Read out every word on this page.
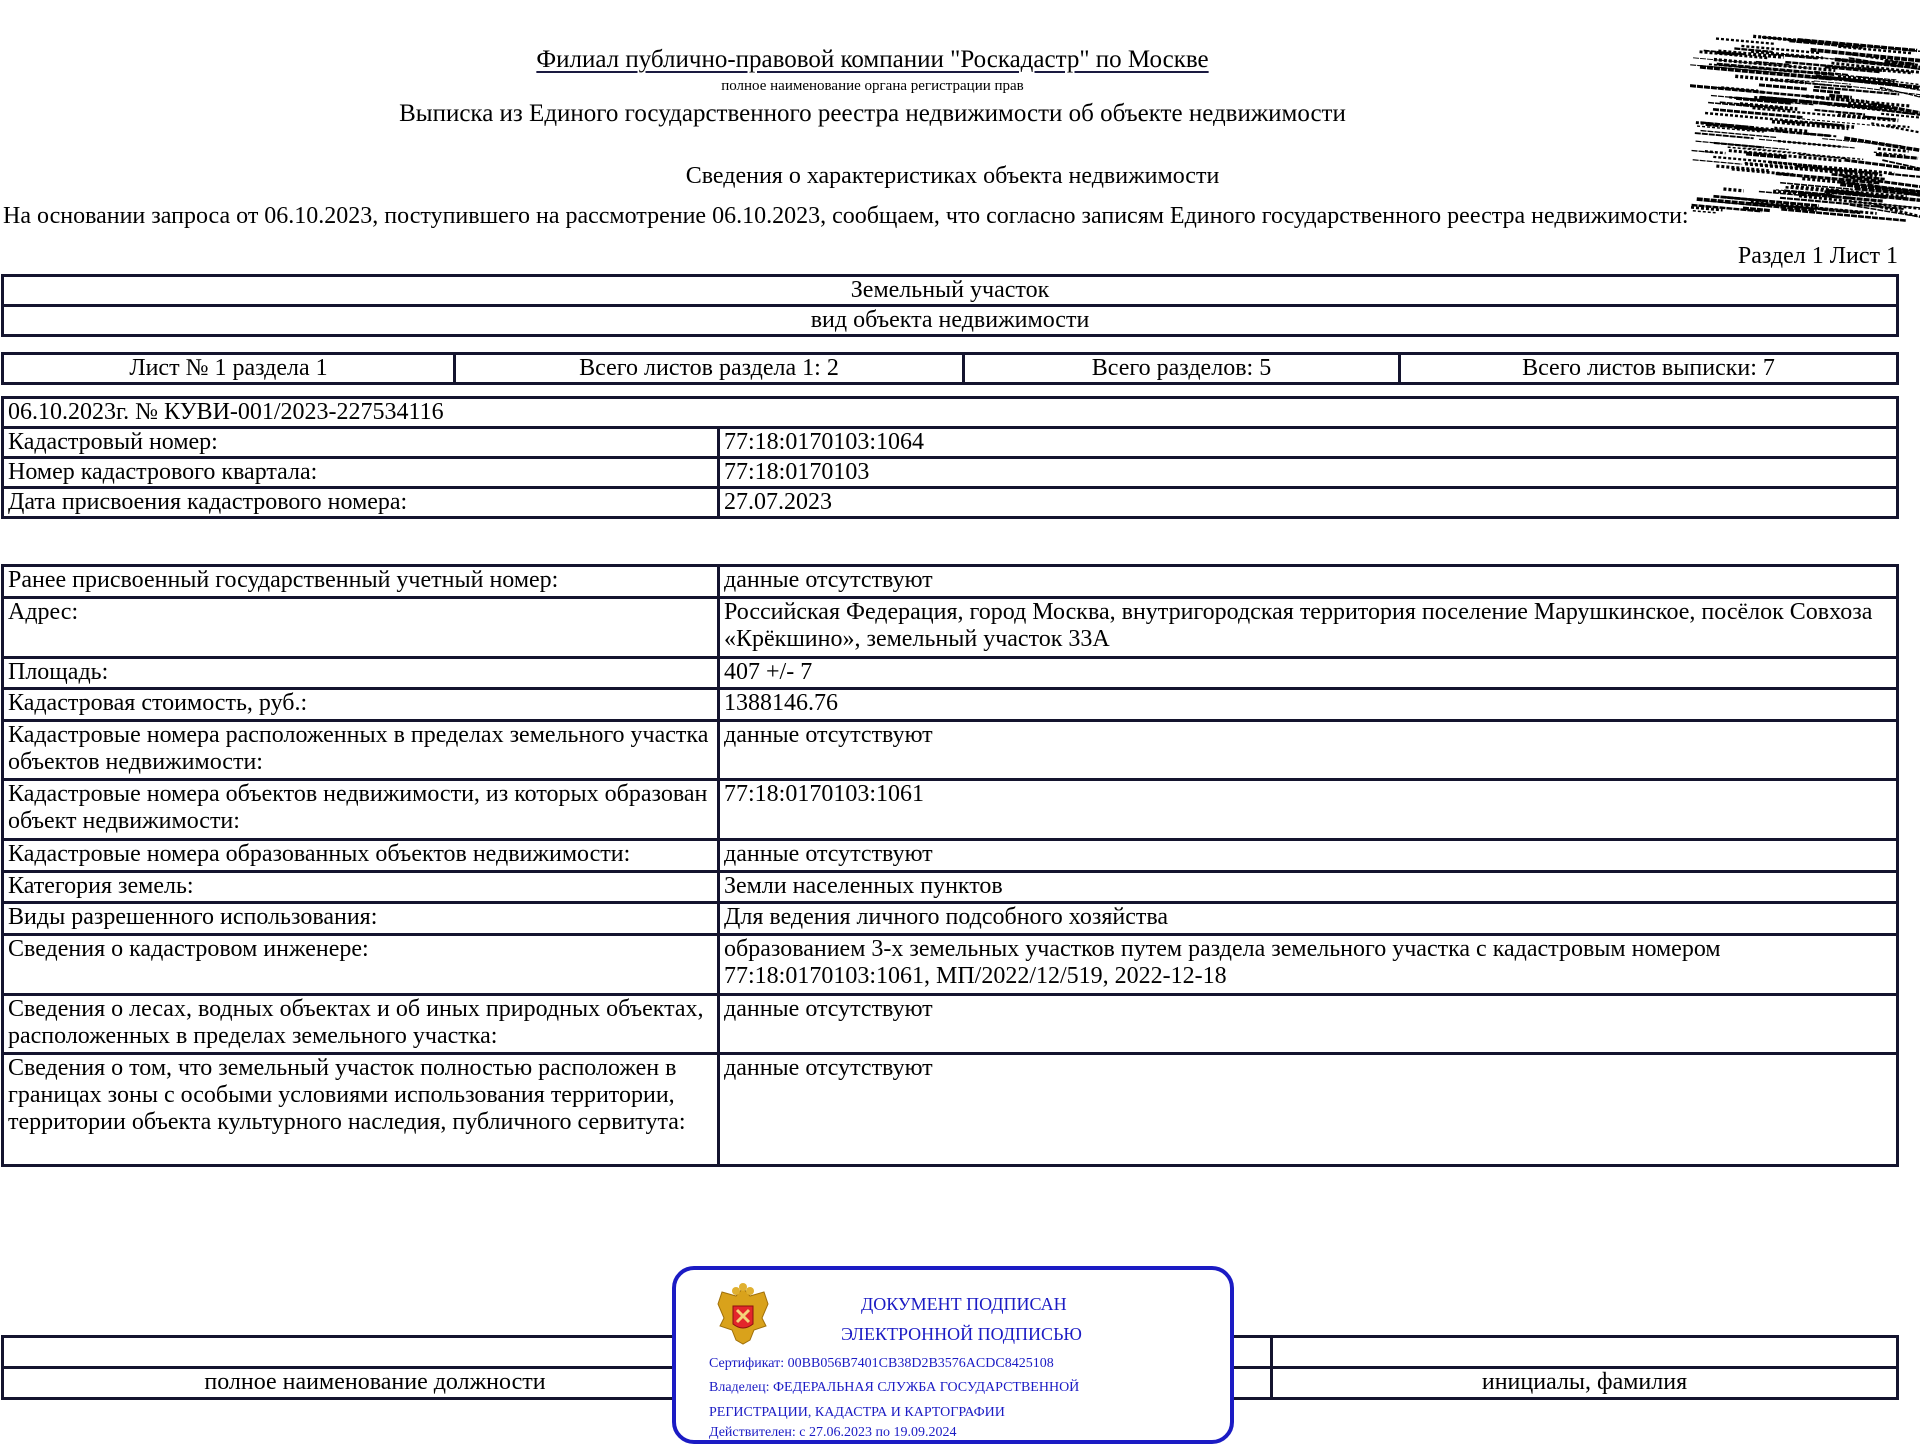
Филиал публично-правовой компании "Роскадастр" по Москве
полное наименование органа регистрации прав
Выписка из Единого государственного реестра недвижимости об объекте недвижимости
Сведения о характеристиках объекта недвижимости
На основании запроса от 06.10.2023, поступившего на рассмотрение 06.10.2023, сообщаем, что согласно записям Единого государственного реестра недвижимости:
Раздел 1 Лист 1
Земельный участок
вид объекта недвижимости
Лист № 1 раздела 1	Всего листов раздела 1: 2	Всего разделов: 5	Всего листов выписки: 7
06.10.2023г. № КУВИ-001/2023-227534116	
Кадастровый номер:	77:18:0170103:1064
Номер кадастрового квартала:	77:18:0170103
Дата присвоения кадастрового номера:	27.07.2023
Ранее присвоенный государственный учетный номер:	данные отсутствуют
Адрес:	Российская Федерация, город Москва, внутригородская территория поселение Марушкинское, посёлок Совхоза «Крёкшино», земельный участок 33А
Площадь:	407 +/- 7
Кадастровая стоимость, руб.:	1388146.76
Кадастровые номера расположенных в пределах земельного участка объектов недвижимости:	данные отсутствуют
Кадастровые номера объектов недвижимости, из которых образован объект недвижимости:	77:18:0170103:1061
Кадастровые номера образованных объектов недвижимости:	данные отсутствуют
Категория земель:	Земли населенных пунктов
Виды разрешенного использования:	Для ведения личного подсобного хозяйства
Сведения о кадастровом инженере:	образованием 3-х земельных участков путем раздела земельного участка с кадастровым номером 77:18:0170103:1061, МП/2022/12/519, 2022-12-18
Сведения о лесах, водных объектах и об иных природных объектах, расположенных в пределах земельного участка:	данные отсутствуют
Сведения о том, что земельный участок полностью расположен в границах зоны с особыми условиями использования территории, территории объекта культурного наследия, публичного сервитута:	данные отсутствуют

полное наименование должности		инициалы, фамилия
ДОКУМЕНТ ПОДПИСАН
ЭЛЕКТРОННОЙ ПОДПИСЬЮ
Сертификат: 00BB056B7401CB38D2B3576ACDC8425108
Владелец: ФЕДЕРАЛЬНАЯ СЛУЖБА ГОСУДАРСТВЕННОЙ
РЕГИСТРАЦИИ, КАДАСТРА И КАРТОГРАФИИ
Действителен: с 27.06.2023 по 19.09.2024
